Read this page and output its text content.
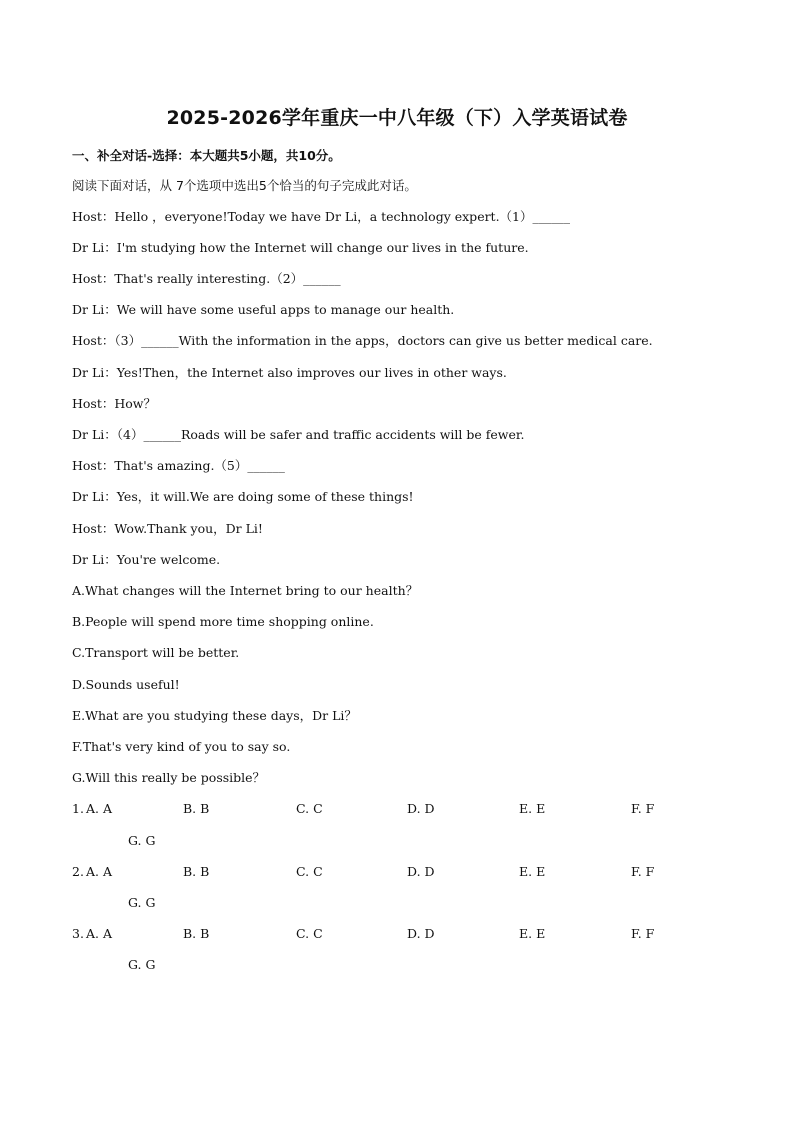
2025-2026学年重庆一中八年级（下）入学英语试卷
一、补全对话-选择：本大题共5小题，共10分。
阅读下面对话，从 7个选项中选出5个恰当的句子完成此对话。
Host：Hello ，everyone!Today we have Dr Li，a technology expert.（1）______
Dr Li：I'm studying how the Internet will change our lives in the future.
Host：That's really interesting.（2）______
Dr Li：We will have some useful apps to manage our health.
Host：（3）______With the information in the apps，doctors can give us better medical care.
Dr Li：Yes!Then，the Internet also improves our lives in other ways.
Host：How？
Dr Li：（4）______Roads will be safer and traffic accidents will be fewer.
Host：That's amazing.（5）______
Dr Li：Yes，it will.We are doing some of these things!
Host：Wow.Thank you，Dr Li!
Dr Li：You're welcome.
A.What changes will the Internet bring to our health？
B.People will spend more time shopping online.
C.Transport will be better.
D.Sounds useful!
E.What are you studying these days，Dr Li？
F.That's very kind of you to say so.
G.Will this really be possible？
1. A. A	B. B	C. C	D. D	E. E	F. F
G. G
2. A. A	B. B	C. C	D. D	E. E	F. F
G. G
3. A. A	B. B	C. C	D. D	E. E	F. F
G. G
